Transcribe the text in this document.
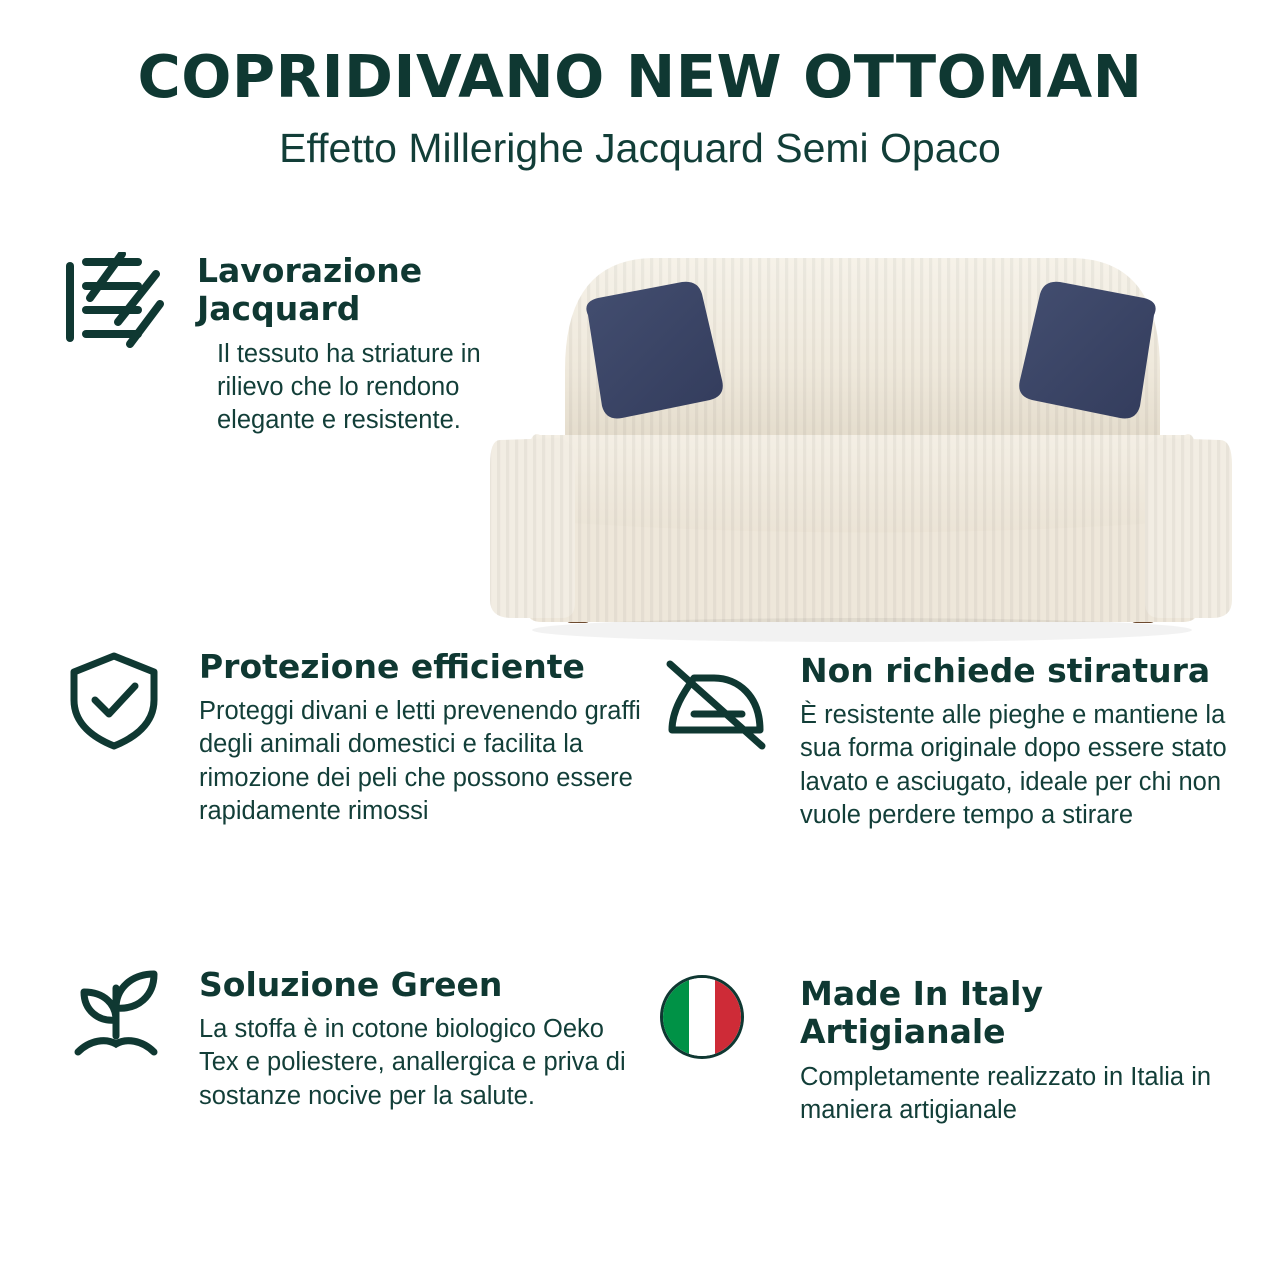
COPRIDIVANO NEW OTTOMAN
Effetto Millerighe Jacquard Semi Opaco

Lavorazione Jacquard

Il tessuto ha striature in rilievo che lo rendono elegante e resistente.

Protezione efficiente

Proteggi divani e letti prevenendo graffi degli animali domestici e facilita la rimozione dei peli che possono essere rapidamente rimossi

Non richiede stiratura

È resistente alle pieghe e mantiene la sua forma originale dopo essere stato lavato e asciugato, ideale per chi non vuole perdere tempo a stirare

Soluzione Green

La stoffa è in cotone biologico Oeko Tex e poliestere, anallergica e priva di sostanze nocive per la salute.

Made In Italy Artigianale

Completamente realizzato in Italia in maniera artigianale
